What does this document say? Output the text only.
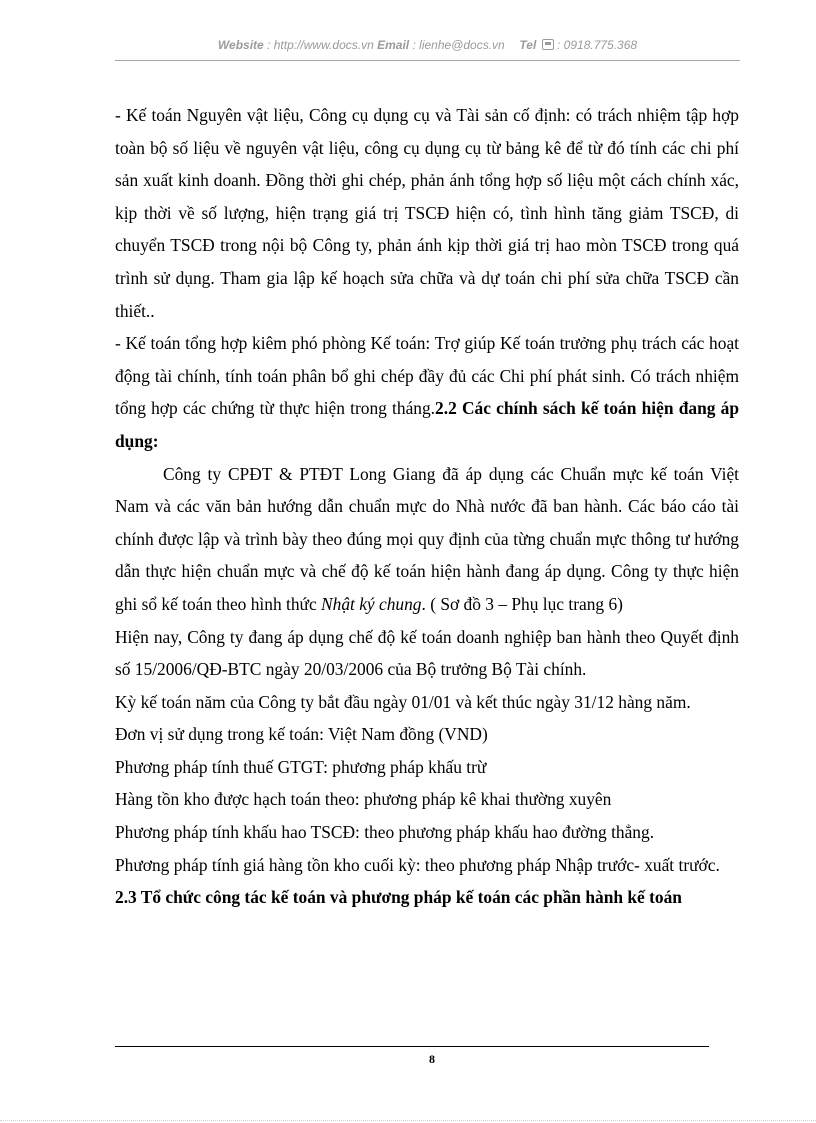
Website : http://www.docs.vn Email : lienhe@docs.vn Tel : 0918.775.368

- Kế toán Nguyên vật liệu, Công cụ dụng cụ và Tài sản cố định: có trách nhiệm tập hợp toàn bộ số liệu về nguyên vật liệu, công cụ dụng cụ từ bảng kê để từ đó tính các chi phí sản xuất kinh doanh. Đồng thời ghi chép, phản ánh tổng hợp số liệu một cách chính xác, kịp thời về số lượng, hiện trạng giá trị TSCĐ hiện có, tình hình tăng giảm TSCĐ, di chuyển TSCĐ trong nội bộ Công ty, phản ánh kịp thời giá trị hao mòn TSCĐ trong quá trình sử dụng. Tham gia lập kế hoạch sửa chữa và dự toán chi phí sửa chữa TSCĐ cần thiết..

- Kế toán tổng hợp kiêm phó phòng Kế toán: Trợ giúp Kế toán trưởng phụ trách các hoạt động tài chính, tính toán phân bổ ghi chép đầy đủ các Chi phí phát sinh. Có trách nhiệm tổng hợp các chứng từ thực hiện trong tháng.2.2 Các chính sách kế toán hiện đang áp dụng:

Công ty CPĐT & PTĐT Long Giang đã áp dụng các Chuẩn mực kế toán Việt Nam và các văn bản hướng dẫn chuẩn mực do Nhà nước đã ban hành. Các báo cáo tài chính được lập và trình bày theo đúng mọi quy định của từng chuẩn mực thông tư hướng dẫn thực hiện chuẩn mực và chế độ kế toán hiện hành đang áp dụng. Công ty thực hiện ghi sổ kế toán theo hình thức Nhật ký chung. ( Sơ đồ 3 – Phụ lục trang 6)

Hiện nay, Công ty đang áp dụng chế độ kế toán doanh nghiệp ban hành theo Quyết định số 15/2006/QĐ-BTC ngày 20/03/2006 của Bộ trưởng Bộ Tài chính.

Kỳ kế toán năm của Công ty bắt đầu ngày 01/01 và kết thúc ngày 31/12 hàng năm.

Đơn vị sử dụng trong kế toán: Việt Nam đồng (VND)

Phương pháp tính thuế GTGT: phương pháp khấu trừ

Hàng tồn kho được hạch toán theo: phương pháp kê khai thường xuyên

Phương pháp tính khấu hao TSCĐ: theo phương pháp khấu hao đường thẳng.

Phương pháp tính giá hàng tồn kho cuối kỳ: theo phương pháp Nhập trước- xuất trước.

2.3 Tổ chức công tác kế toán và phương pháp kế toán các phần hành kế toán

8
